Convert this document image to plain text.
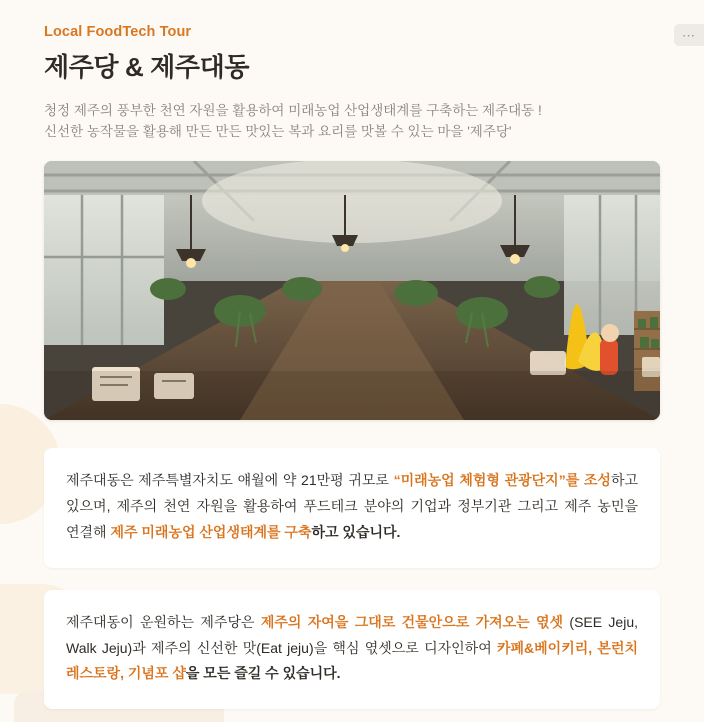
⋯
Local FoodTech Tour
제주당 & 제주대동

청정 제주의 풍부한 천연 자원을 활용하여 미래농업 산업생태계를 구축하는 제주대동 !
신선한 농작물을 활용해 만든 만든 맛있는 복과 요리를 맛볼 수 있는 마을 '제주당'

제주대동은 제주특별자치도 얘월에 약 21만평 귀모로 “미래농업 체험형 관광단지”를 조성하고 있으며, 제주의 천연 자원을 활용하여 푸드테크 분야의 기업과 정부기관 그리고 제주 농민을 연결해 제주 미래농업 산업생태계를 구축하고 있습니다.

제주대동이 운원하는 제주당은 제주의 자여을 그대로 건물안으로 가져오는 엯셋 (SEE Jeju, Walk Jeju)과 제주의 신선한 맛(Eat jeju)을 핵심 엯셋으로 디자인하여 카폐&베이키리, 본런치 레스토랑, 기념포 샵을 모든 즐길 수 있습니다.
